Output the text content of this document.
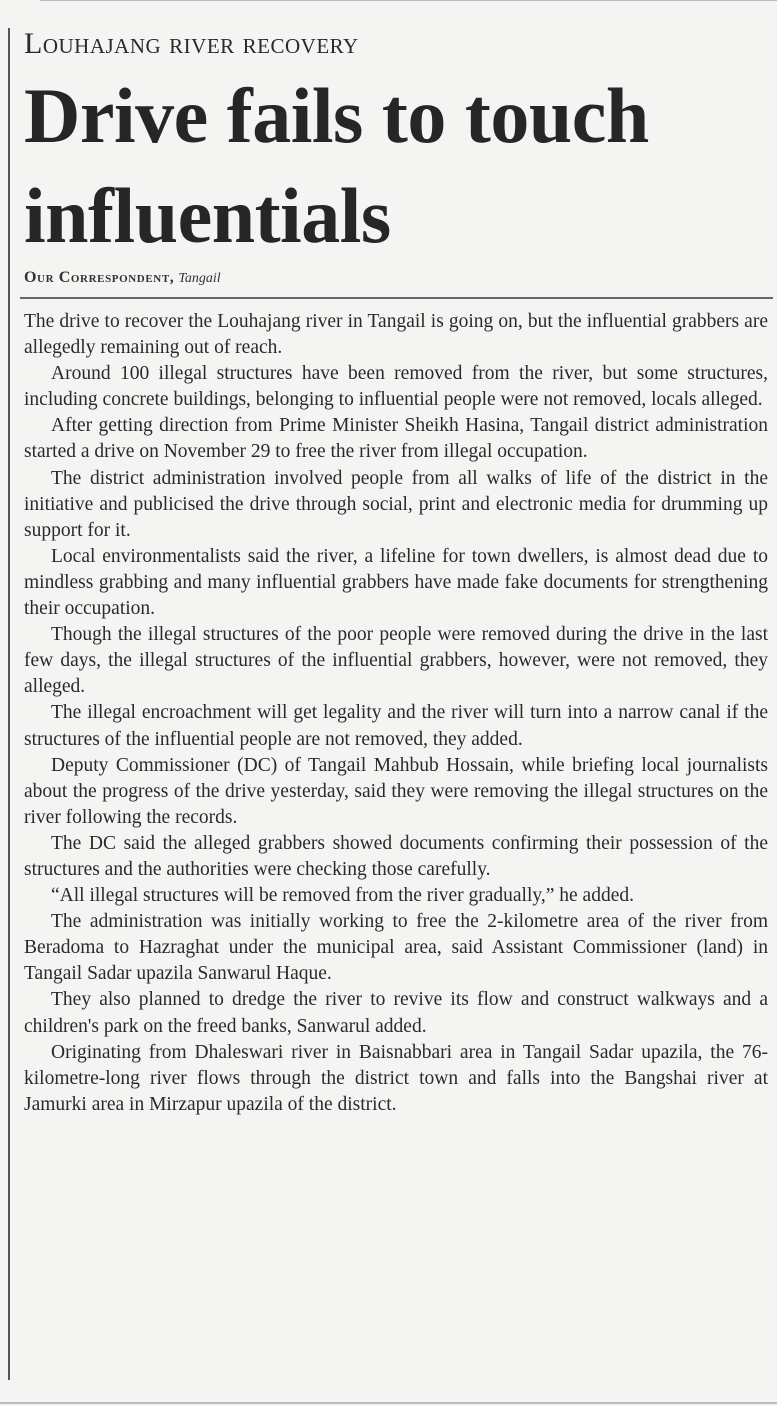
Louhajang river recovery
Drive fails to touch influentials
Our Correspondent, Tangail

The drive to recover the Louhajang river in Tangail is going on, but the influential grabbers are allegedly remaining out of reach.

Around 100 illegal structures have been removed from the river, but some structures, including concrete buildings, belonging to influential people were not removed, locals alleged.

After getting direction from Prime Minister Sheikh Hasina, Tangail district administration started a drive on November 29 to free the river from illegal occupation.

The district administration involved people from all walks of life of the district in the initiative and publicised the drive through social, print and electronic media for drumming up support for it.

Local environmentalists said the river, a lifeline for town dwellers, is almost dead due to mindless grabbing and many influential grabbers have made fake documents for strengthening their occupation.

Though the illegal structures of the poor people were removed during the drive in the last few days, the illegal structures of the influential grabbers, however, were not removed, they alleged.

The illegal encroachment will get legality and the river will turn into a narrow canal if the structures of the influential people are not removed, they added.

Deputy Commissioner (DC) of Tangail Mahbub Hossain, while briefing local journalists about the progress of the drive yesterday, said they were removing the illegal structures on the river following the records.

The DC said the alleged grabbers showed documents confirming their possession of the structures and the authorities were checking those carefully.

“All illegal structures will be removed from the river gradually,” he added.

The administration was initially working to free the 2-kilometre area of the river from Beradoma to Hazraghat under the municipal area, said Assistant Commissioner (land) in Tangail Sadar upazila Sanwarul Haque.

They also planned to dredge the river to revive its flow and construct walkways and a children's park on the freed banks, Sanwarul added.

Originating from Dhaleswari river in Baisnabbari area in Tangail Sadar upazila, the 76-kilometre-long river flows through the district town and falls into the Bangshai river at Jamurki area in Mirzapur upazila of the district.
